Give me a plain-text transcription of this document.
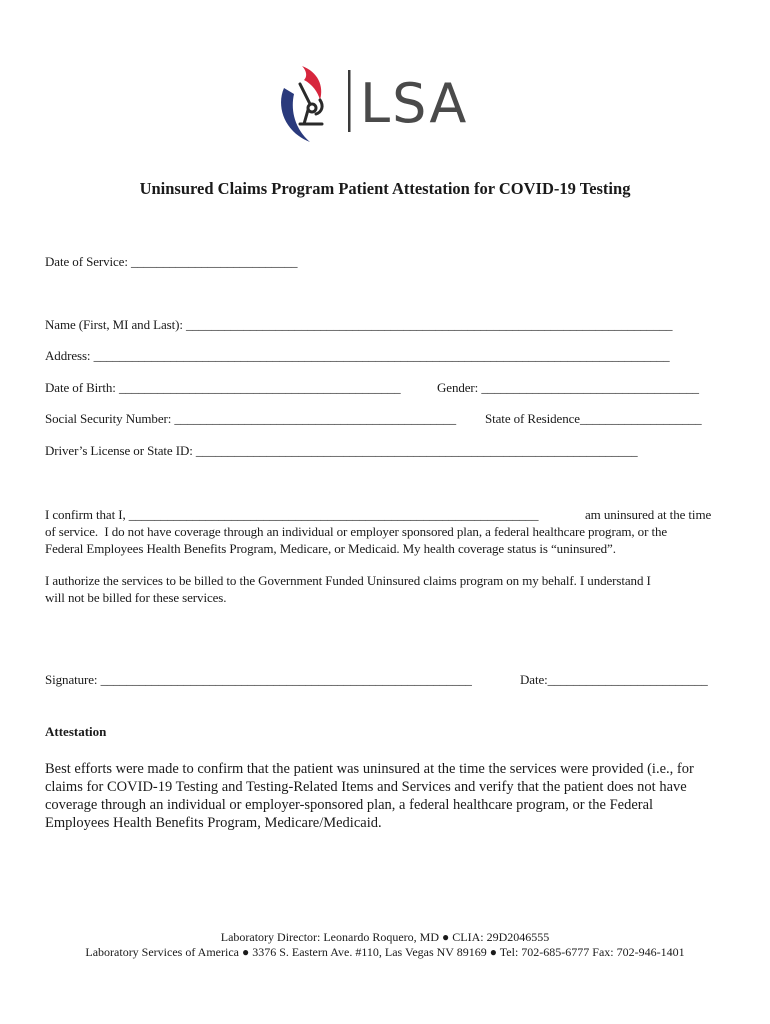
LSA
Uninsured Claims Program Patient Attestation for COVID-19 Testing
Date of Service: __________________________
Name (First, MI and Last): ____________________________________________________________________________
Address: __________________________________________________________________________________________
Date of Birth: ____________________________________________	Gender: __________________________________
Social Security Number: ____________________________________________ State of Residence___________________
Driver’s License or State ID: _____________________________________________________________________
I confirm that I, ________________________________________________________________	am uninsured at the time
of service.  I do not have coverage through an individual or employer sponsored plan, a federal healthcare program, or the
Federal Employees Health Benefits Program, Medicare, or Medicaid. My health coverage status is “uninsured”.
I authorize the services to be billed to the Government Funded Uninsured claims program on my behalf. I understand I
will not be billed for these services.
Signature: __________________________________________________________	Date:_________________________
Attestation

Best efforts were made to confirm that the patient was uninsured at the time the services were provided (i.e., for

claims for COVID-19 Testing and Testing-Related Items and Services and verify that the patient does not have

coverage through an individual or employer-sponsored plan, a federal healthcare program, or the Federal

Employees Health Benefits Program, Medicare/Medicaid.

Laboratory Director: Leonardo Roquero, MD ● CLIA: 29D2046555
Laboratory Services of America ● 3376 S. Eastern Ave. #110, Las Vegas NV 89169 ● Tel: 702-685-6777 Fax: 702-946-1401
